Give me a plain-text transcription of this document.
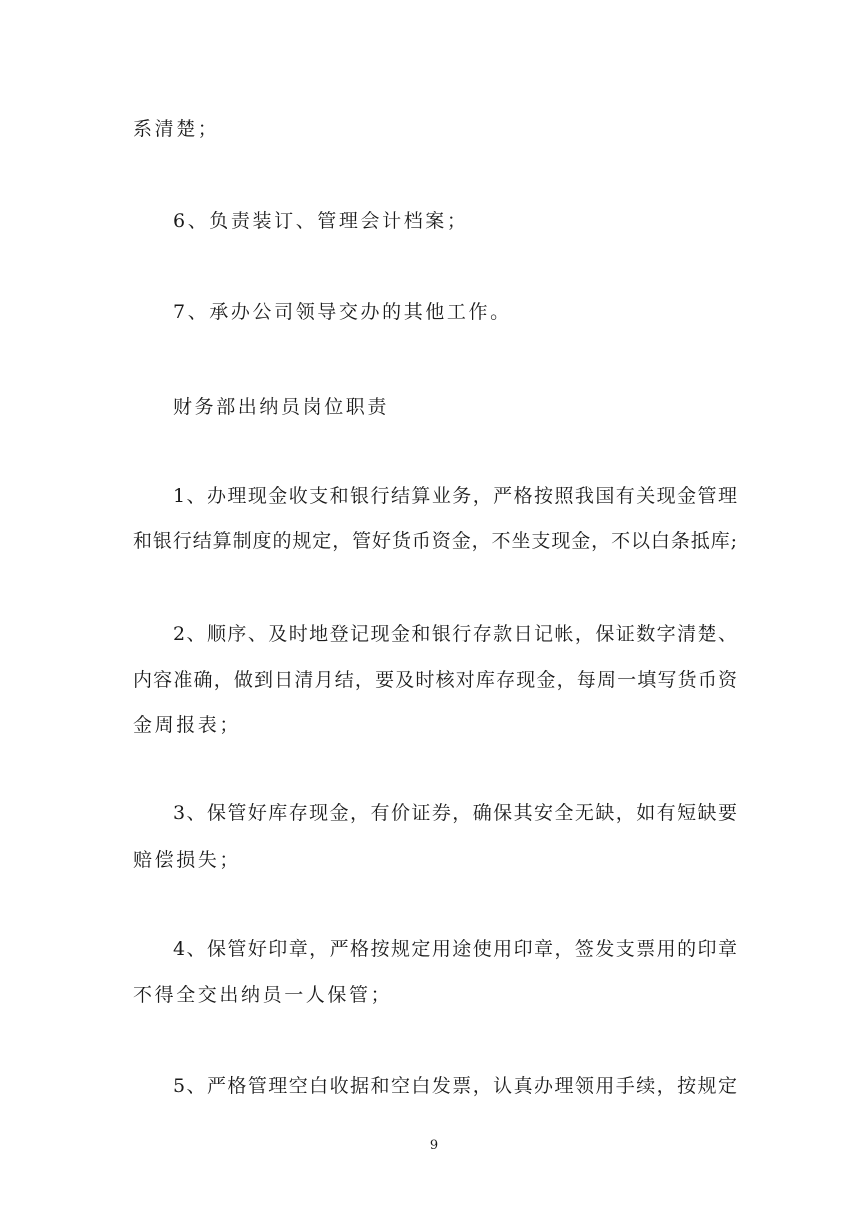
系清楚；
6、负责装订、管理会计档案；
7、承办公司领导交办的其他工作。
财务部出纳员岗位职责
1、办理现金收支和银行结算业务，严格按照我国有关现金管理
和银行结算制度的规定，管好货币资金，不坐支现金，不以白条抵库;
2、顺序、及时地登记现金和银行存款日记帐，保证数字清楚、
内容准确，做到日清月结，要及时核对库存现金，每周一填写货币资
金周报表；
3、保管好库存现金，有价证券，确保其安全无缺，如有短缺要
赔偿损失；
4、保管好印章，严格按规定用途使用印章，签发支票用的印章
不得全交出纳员一人保管；
5、严格管理空白收据和空白发票，认真办理领用手续，按规定
9
